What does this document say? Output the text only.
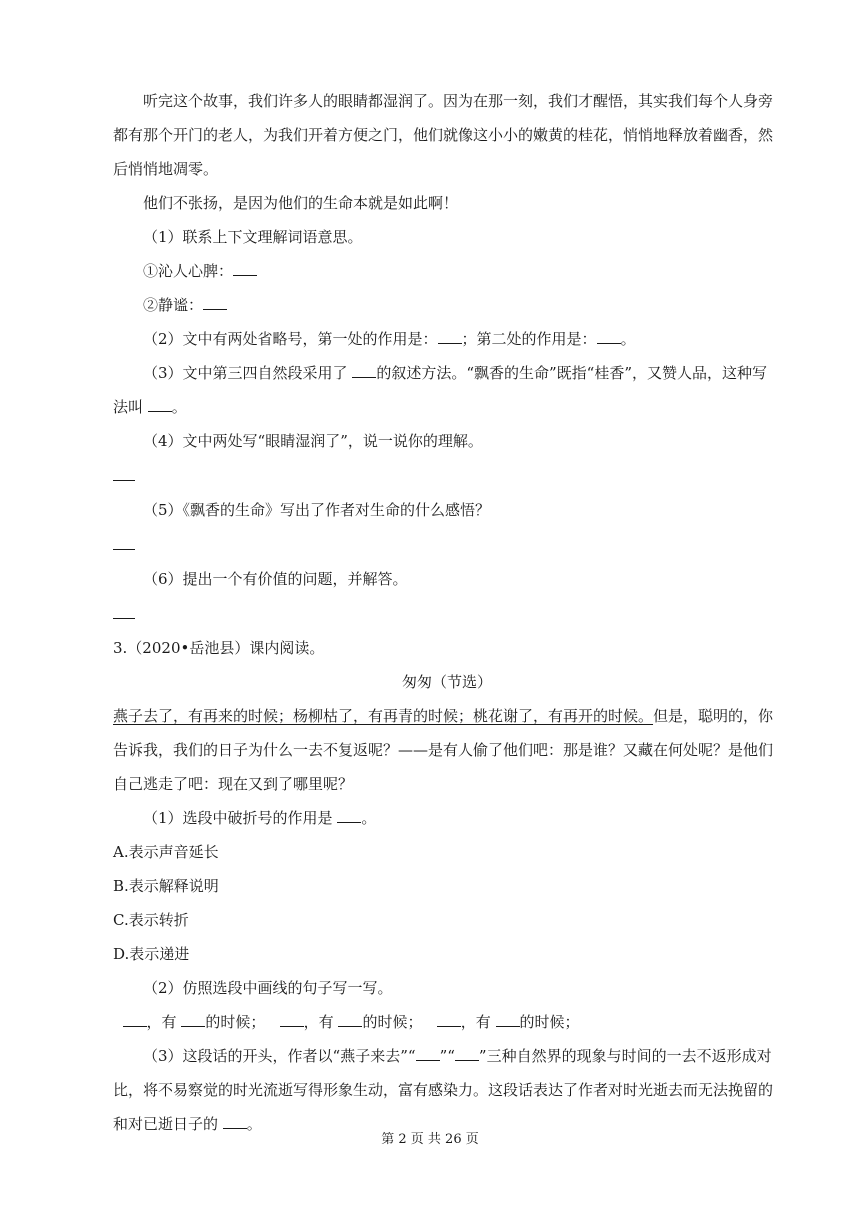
听完这个故事，我们许多人的眼睛都湿润了。因为在那一刻，我们才醒悟，其实我们每个人身旁都有那个开门的老人，为我们开着方便之门，他们就像这小小的嫩黄的桂花，悄悄地释放着幽香，然后悄悄地凋零。
他们不张扬，是因为他们的生命本就是如此啊！
（1）联系上下文理解词语意思。
①沁人心脾：
②静谧：
（2）文中有两处省略号，第一处的作用是： ；第二处的作用是： 。
（3）文中第三四自然段采用了 的叙述方法。“飘香的生命”既指“桂香”，又赞人品，这种写法叫 。
（4）文中两处写“眼睛湿润了”，说一说你的理解。
（5）《飘香的生命》写出了作者对生命的什么感悟？
（6）提出一个有价值的问题，并解答。
3.（2020•岳池县）课内阅读。
匆匆（节选）
燕子去了，有再来的时候；杨柳枯了，有再青的时候；桃花谢了，有再开的时候。但是，聪明的，你告诉我，我们的日子为什么一去不复返呢？——是有人偷了他们吧：那是谁？又藏在何处呢？是他们自己逃走了吧：现在又到了哪里呢？
（1）选段中破折号的作用是 。
A.表示声音延长
B.表示解释说明
C.表示转折
D.表示递进
（2）仿照选段中画线的句子写一写。
，有 的时候；	，有 的时候；	，有 的时候；
（3）这段话的开头，作者以“燕子来去”“ ”“ ”三种自然界的现象与时间的一去不返形成对比，将不易察觉的时光流逝写得形象生动，富有感染力。这段话表达了作者对时光逝去而无法挽留的和对已逝日子的 。
第 2 页 共 26 页
